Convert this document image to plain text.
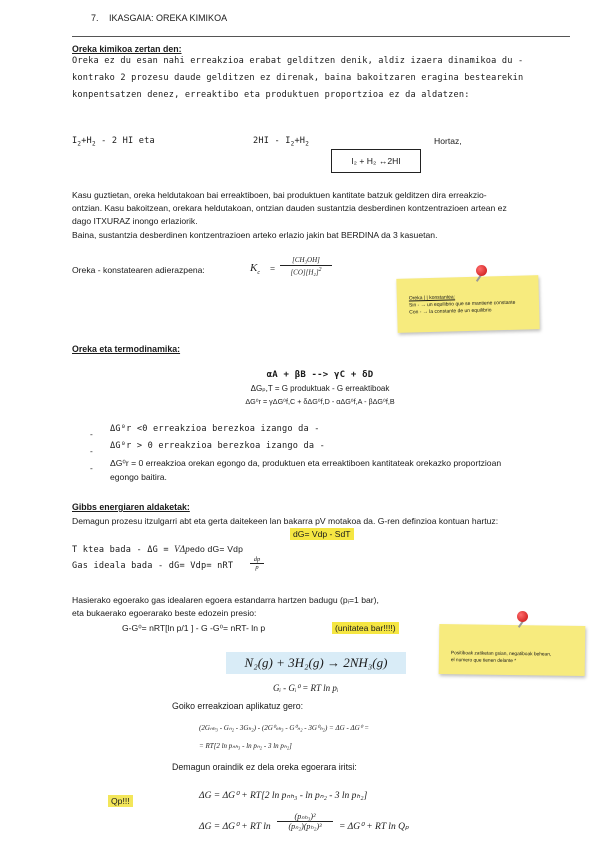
7. IKASGAIA: OREKA KIMIKOA
Oreka kimikoa zertan den:
Oreka ez du esan nahi erreakzioa erabat gelditzen denik, aldiz izaera dinamikoa du -
kontrako 2 prozesu daude gelditzen ez direnak, baina bakoitzaren eragina bestearekin
konpentsatzen denez, erreaktibo eta produktuen proportzioa ez da aldatzen:
$I_2+H_2 - 2$ HI eta	$2HI - I_2+H_2$	Hortaz,
I₂ + H₂ ↔2HI
Kasu guztietan, oreka heldutakoan bai erreaktiboen, bai produktuen kantitate batzuk gelditzen dira erreakzio-
ontzian. Kasu bakoitzean, orekara heldutakoan, ontzian dauden sustantzia desberdinen kontzentrazioen artean ez
dago ITXURAZ inongo erlaziorik.
Baina, sustantzia desberdinen kontzentrazioen arteko erlazio jakin bat BERDINA da 3 kasuetan.
Oreka - konstatearen adierazpena:	$K_c = \frac{\text{[CH₃OH]}}{[CO][H_2]^2}$
Oreka | | konstantea:
Sin - → un equilibrio que se mantiene constante
Con - → la constante de un equilibrio
Oreka eta termodinamika:
αA + βB --> γC + δD
ΔGₚ,T = G produktuak - G erreaktiboak
ΔG⁰r = γΔG⁰f,C + δΔG⁰f,D - αΔG⁰f,A - βΔG⁰f,B
- ΔG⁰r <0 erreakzioa berezkoa izango da -
- ΔG⁰r > 0 erreakzioa berezkoa izango da -
- ΔG⁰r = 0 erreakzioa orekan egongo da, produktuen eta erreaktiboen kantitateak orekazko proportzioan
egongo baitira.
Gibbs energiaren aldaketak:
Demagun prozesu itzulgarri abt eta gerta daitekeen lan bakarra pV motakoa da. G-ren definzioa kontuan hartuz:
dG= Vdp - SdT
T ktea bada - ΔG = VΔpedo dG= Vdp
Gas ideala bada - dG= Vdp= nRT
dp
p
Hasierako egoerako gas idealaren egoera estandarra hartzen badugu (pᵢ=1 bar),
eta bukaerako egoerarako beste edozein presio:
G-G⁰= nRT[ln p/1 ] - G -G⁰= nRT- ln p	(unitatea bar!!!!)
Positiboak zatiketan gsian, negatiboak behean,
el numero que tienen delante *
N₂(g) + 3H₂(g) → 2NH₃(g)
Gᵢ - Gᵢ⁰ = RT ln pᵢ
Goiko erreakzioan aplikatuz gero:
(2Gₙₕ₃ - Gₙ₂ - 3Gₕ₂) - (2G⁰ₙₕ₃ - G⁰ₙ₂ - 3G⁰ₕ₂) = ΔG - ΔG⁰ =
= RT[2 ln pₙₕ₃ - ln pₙ₂ - 3 ln pₕ₂]
Demagun oraindik ez dela oreka egoerara iritsi:
Qp!!!	ΔG = ΔG⁰ + RT[2 ln pₙₕ₃ - ln pₙ₂ - 3 ln pₕ₂]
ΔG = ΔG⁰ + RT ln
(pₙₕ₃)²
(pₙ₂)(pₕ₂)³	= ΔG⁰ + RT ln Qₚ
